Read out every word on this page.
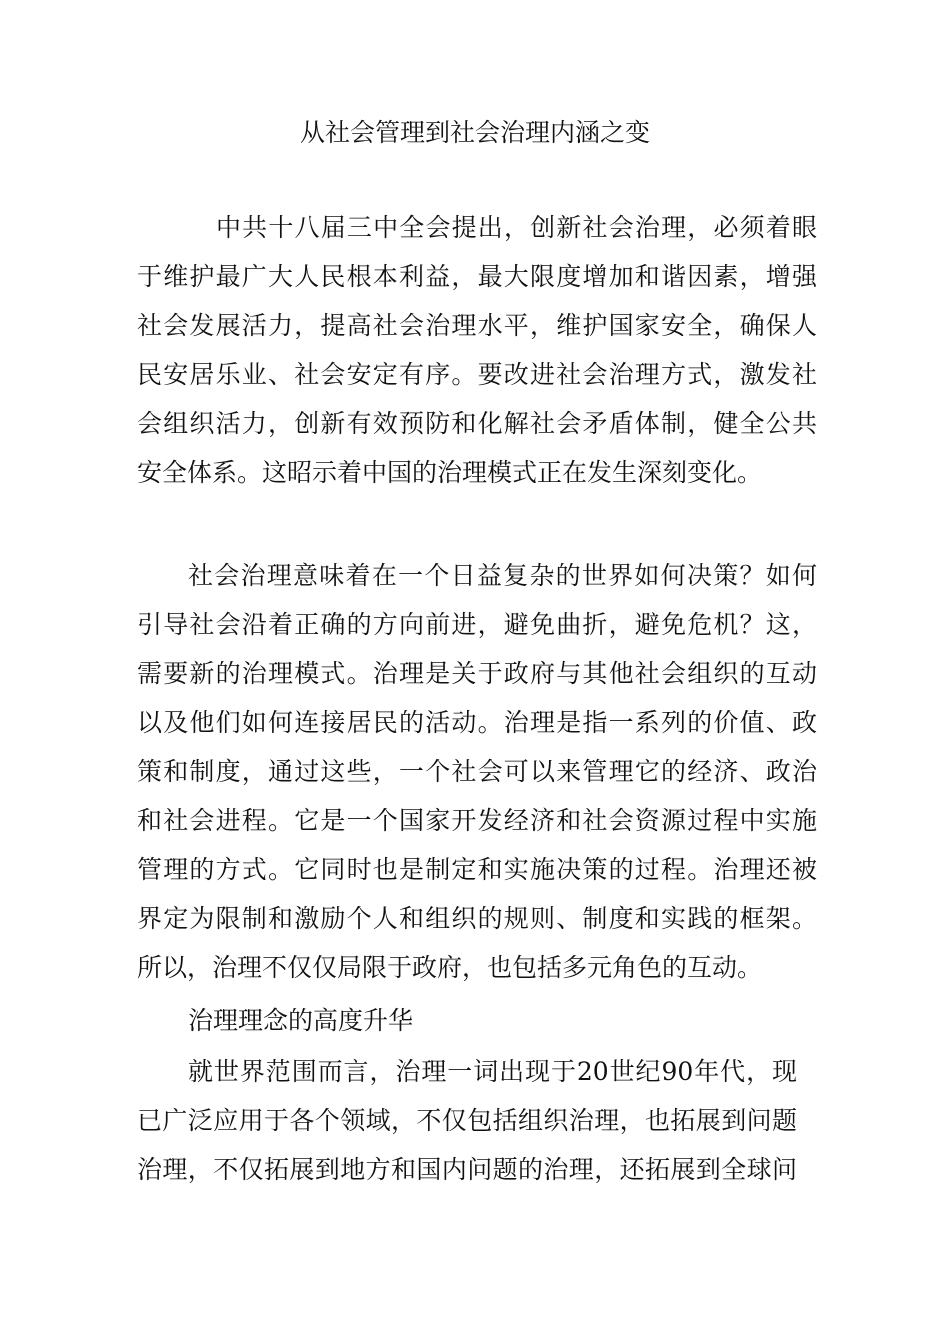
从社会管理到社会治理内涵之变

中共十八届三中全会提出，创新社会治理，必须着眼

于维护最广大人民根本利益，最大限度增加和谐因素，增强

社会发展活力，提高社会治理水平，维护国家安全，确保人

民安居乐业、社会安定有序。要改进社会治理方式，激发社

会组织活力，创新有效预防和化解社会矛盾体制，健全公共

安全体系。这昭示着中国的治理模式正在发生深刻变化。

社会治理意味着在一个日益复杂的世界如何决策？如何

引导社会沿着正确的方向前进，避免曲折，避免危机？这，

需要新的治理模式。治理是关于政府与其他社会组织的互动

以及他们如何连接居民的活动。治理是指一系列的价值、政

策和制度，通过这些，一个社会可以来管理它的经济、政治

和社会进程。它是一个国家开发经济和社会资源过程中实施

管理的方式。它同时也是制定和实施决策的过程。治理还被

界定为限制和激励个人和组织的规则、制度和实践的框架。

所以，治理不仅仅局限于政府，也包括多元角色的互动。

治理理念的高度升华

就世界范围而言，治理一词出现于20世纪90年代，现

已广泛应用于各个领域，不仅包括组织治理，也拓展到问题

治理，不仅拓展到地方和国内问题的治理，还拓展到全球问
